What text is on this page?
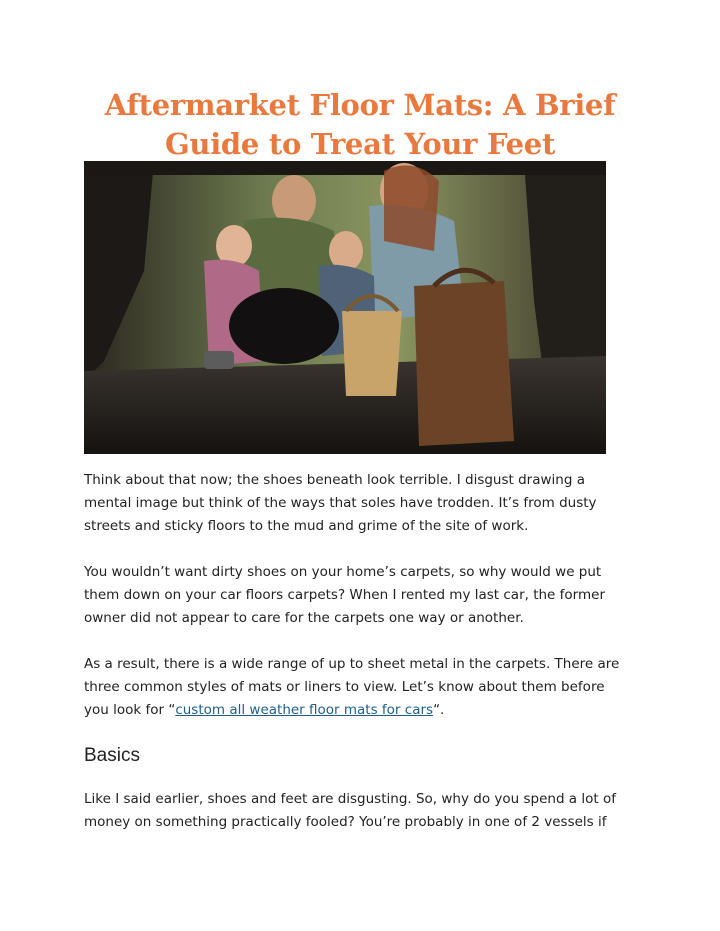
Aftermarket Floor Mats: A Brief
Guide to Treat Your Feet

Think about that now; the shoes beneath look terrible. I disgust drawing a
mental image but think of the ways that soles have trodden. It’s from dusty
streets and sticky floors to the mud and grime of the site of work.

You wouldn’t want dirty shoes on your home’s carpets, so why would we put
them down on your car floors carpets? When I rented my last car, the former
owner did not appear to care for the carpets one way or another.

As a result, there is a wide range of up to sheet metal in the carpets. There are
three common styles of mats or liners to view. Let’s know about them before
you look for “custom all weather floor mats for cars“.

Basics

Like I said earlier, shoes and feet are disgusting. So, why do you spend a lot of
money on something practically fooled? You’re probably in one of 2 vessels if
